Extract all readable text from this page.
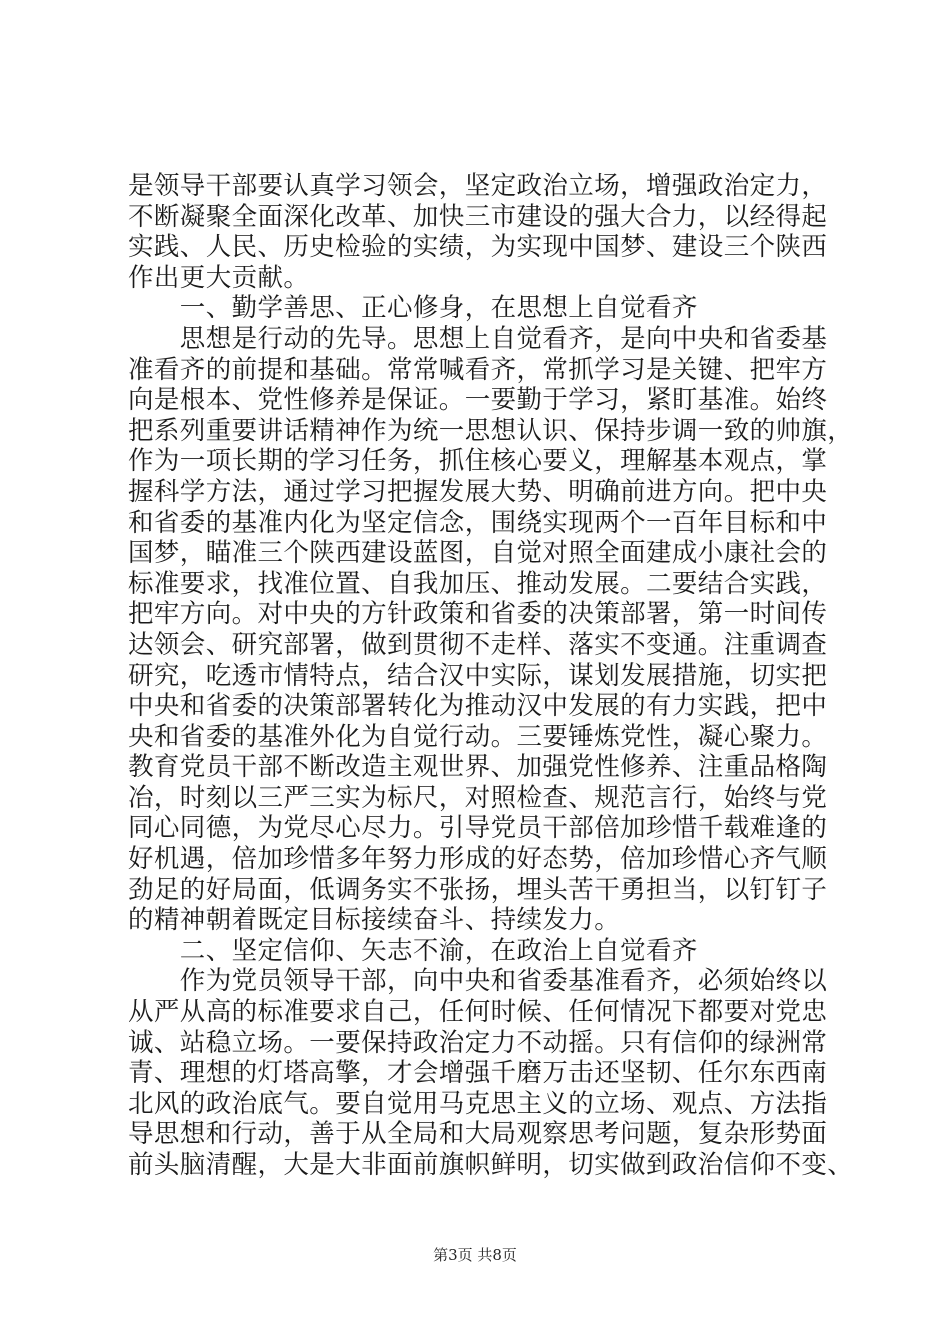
是领导干部要认真学习领会，坚定政治立场，增强政治定力，
不断凝聚全面深化改革、加快三市建设的强大合力，以经得起
实践、人民、历史检验的实绩，为实现中国梦、建设三个陕西
作出更大贡献。
　　一、勤学善思、正心修身，在思想上自觉看齐
　　思想是行动的先导。思想上自觉看齐，是向中央和省委基
准看齐的前提和基础。常常喊看齐，常抓学习是关键、把牢方
向是根本、党性修养是保证。一要勤于学习，紧盯基准。始终
把系列重要讲话精神作为统一思想认识、保持步调一致的帅旗，
作为一项长期的学习任务，抓住核心要义，理解基本观点，掌
握科学方法，通过学习把握发展大势、明确前进方向。把中央
和省委的基准内化为坚定信念，围绕实现两个一百年目标和中
国梦，瞄准三个陕西建设蓝图，自觉对照全面建成小康社会的
标准要求，找准位置、自我加压、推动发展。二要结合实践，
把牢方向。对中央的方针政策和省委的决策部署，第一时间传
达领会、研究部署，做到贯彻不走样、落实不变通。注重调查
研究，吃透市情特点，结合汉中实际，谋划发展措施，切实把
中央和省委的决策部署转化为推动汉中发展的有力实践，把中
央和省委的基准外化为自觉行动。三要锤炼党性，凝心聚力。
教育党员干部不断改造主观世界、加强党性修养、注重品格陶
冶，时刻以三严三实为标尺，对照检查、规范言行，始终与党
同心同德，为党尽心尽力。引导党员干部倍加珍惜千载难逢的
好机遇，倍加珍惜多年努力形成的好态势，倍加珍惜心齐气顺
劲足的好局面，低调务实不张扬，埋头苦干勇担当，以钉钉子
的精神朝着既定目标接续奋斗、持续发力。
　　二、坚定信仰、矢志不渝，在政治上自觉看齐
　　作为党员领导干部，向中央和省委基准看齐，必须始终以
从严从高的标准要求自己，任何时候、任何情况下都要对党忠
诚、站稳立场。一要保持政治定力不动摇。只有信仰的绿洲常
青、理想的灯塔高擎，才会增强千磨万击还坚韧、任尔东西南
北风的政治底气。要自觉用马克思主义的立场、观点、方法指
导思想和行动，善于从全局和大局观察思考问题，复杂形势面
前头脑清醒，大是大非面前旗帜鲜明，切实做到政治信仰不变、
第3页 共8页
